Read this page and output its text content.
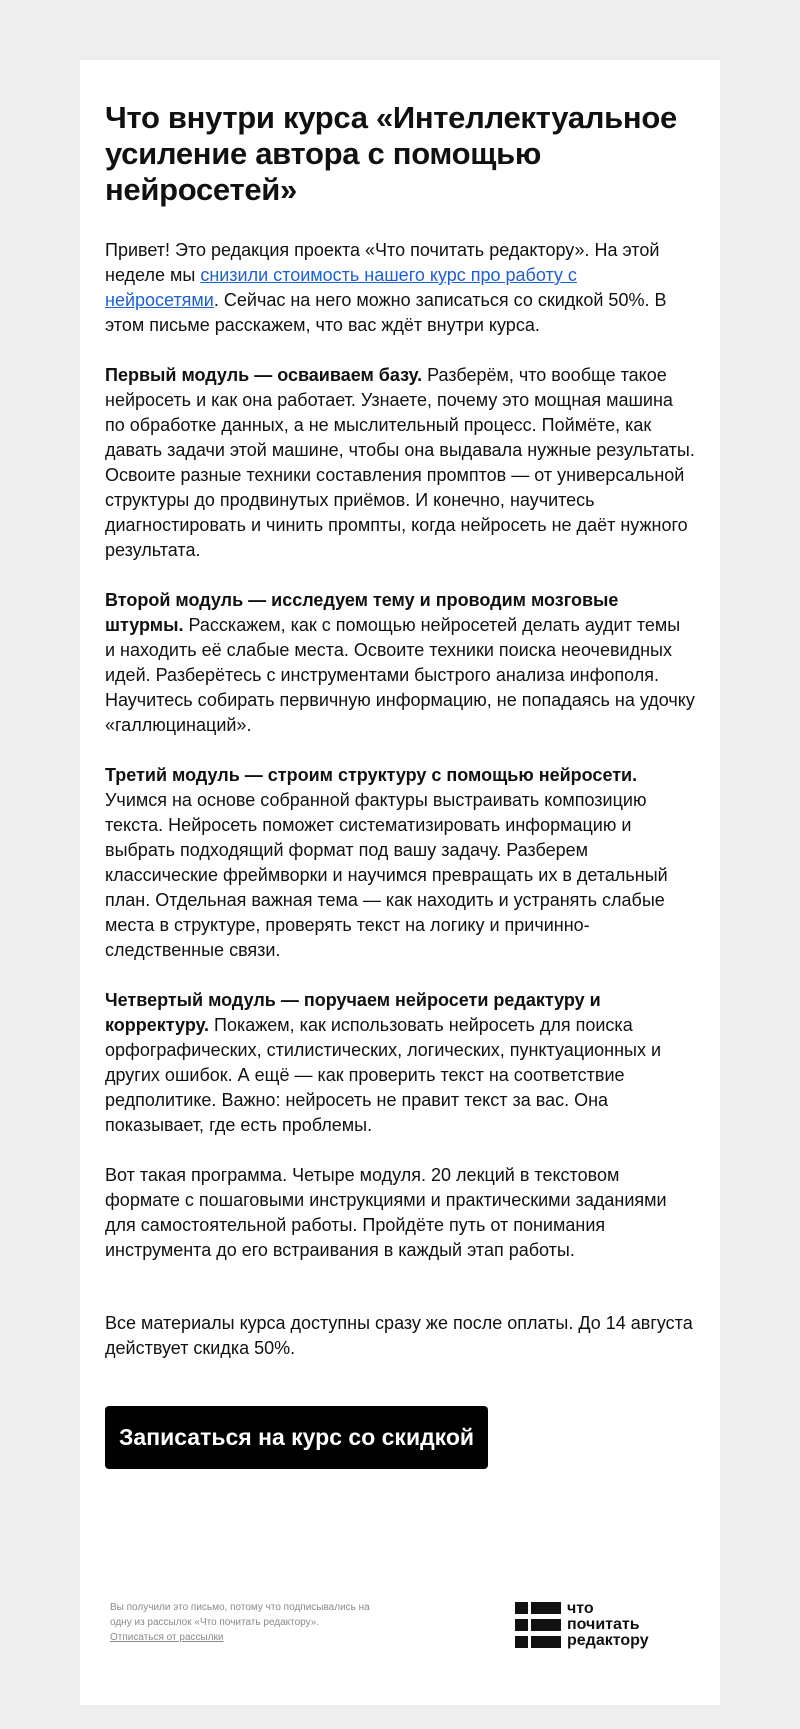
Что внутри курса «Интеллектуальное усиление автора с помощью нейросетей»

Привет! Это редакция проекта «Что почитать редактору». На этой неделе мы снизили стоимость нашего курс про работу с нейросетями. Сейчас на него можно записаться со скидкой 50%. В этом письме расскажем, что вас ждёт внутри курса.

Первый модуль — осваиваем базу. Разберём, что вообще такое нейросеть и как она работает. Узнаете, почему это мощная машина по обработке данных, а не мыслительный процесс. Поймёте, как давать задачи этой машине, чтобы она выдавала нужные результаты. Освоите разные техники составления промптов — от универсальной структуры до продвинутых приёмов. И конечно, научитесь диагностировать и чинить промпты, когда нейросеть не даёт нужного результата.

Второй модуль — исследуем тему и проводим мозговые штурмы. Расскажем, как с помощью нейросетей делать аудит темы и находить её слабые места. Освоите техники поиска неочевидных идей. Разберётесь с инструментами быстрого анализа инфополя. Научитесь собирать первичную информацию, не попадаясь на удочку «галлюцинаций».

Третий модуль — строим структуру с помощью нейросети. Учимся на основе собранной фактуры выстраивать композицию текста. Нейросеть поможет систематизировать информацию и выбрать подходящий формат под вашу задачу. Разберем классические фреймворки и научимся превращать их в детальный план. Отдельная важная тема — как находить и устранять слабые места в структуре, проверять текст на логику и причинно-следственные связи.

Четвертый модуль — поручаем нейросети редактуру и корректуру. Покажем, как использовать нейросеть для поиска орфографических, стилистических, логических, пунктуационных и других ошибок. А ещё — как проверить текст на соответствие редполитике. Важно: нейросеть не правит текст за вас. Она показывает, где есть проблемы.

Вот такая программа. Четыре модуля. 20 лекций в текстовом формате с пошаговыми инструкциями и практическими заданиями для самостоятельной работы. Пройдёте путь от понимания инструмента до его встраивания в каждый этап работы.

Все материалы курса доступны сразу же после оплаты. До 14 августа действует скидка 50%.

Записаться на курс со скидкой
Вы получили это письмо, потому что подписывались на одну из рассылок «Что почитать редактору».
Отписаться от рассылки
что
почитать
редактору
